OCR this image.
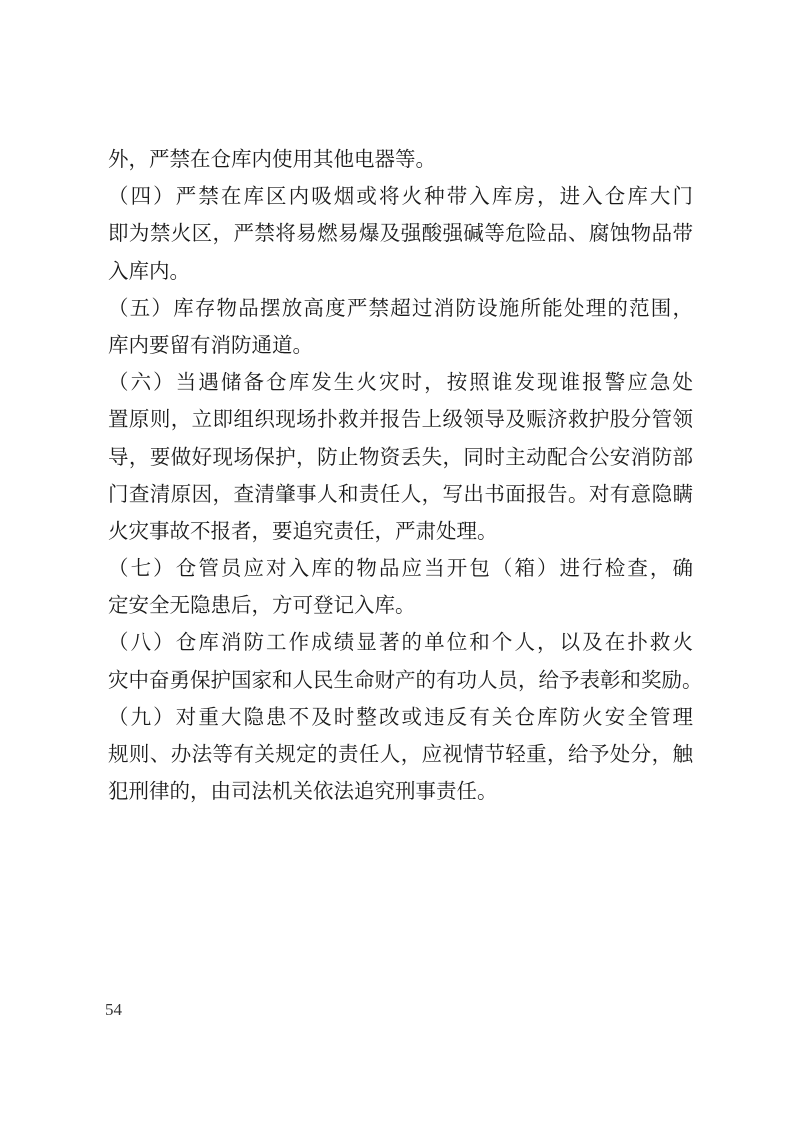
外，严禁在仓库内使用其他电器等。
（四）严禁在库区内吸烟或将火种带入库房，进入仓库大门
即为禁火区，严禁将易燃易爆及强酸强碱等危险品、腐蚀物品带
入库内。
（五）库存物品摆放高度严禁超过消防设施所能处理的范围，
库内要留有消防通道。
（六）当遇储备仓库发生火灾时，按照谁发现谁报警应急处
置原则，立即组织现场扑救并报告上级领导及赈济救护股分管领
导，要做好现场保护，防止物资丢失，同时主动配合公安消防部
门查清原因，查清肇事人和责任人，写出书面报告。对有意隐瞒
火灾事故不报者，要追究责任，严肃处理。
（七）仓管员应对入库的物品应当开包（箱）进行检查，确
定安全无隐患后，方可登记入库。
（八）仓库消防工作成绩显著的单位和个人，以及在扑救火
灾中奋勇保护国家和人民生命财产的有功人员，给予表彰和奖励。
（九）对重大隐患不及时整改或违反有关仓库防火安全管理
规则、办法等有关规定的责任人，应视情节轻重，给予处分，触
犯刑律的，由司法机关依法追究刑事责任。
54
